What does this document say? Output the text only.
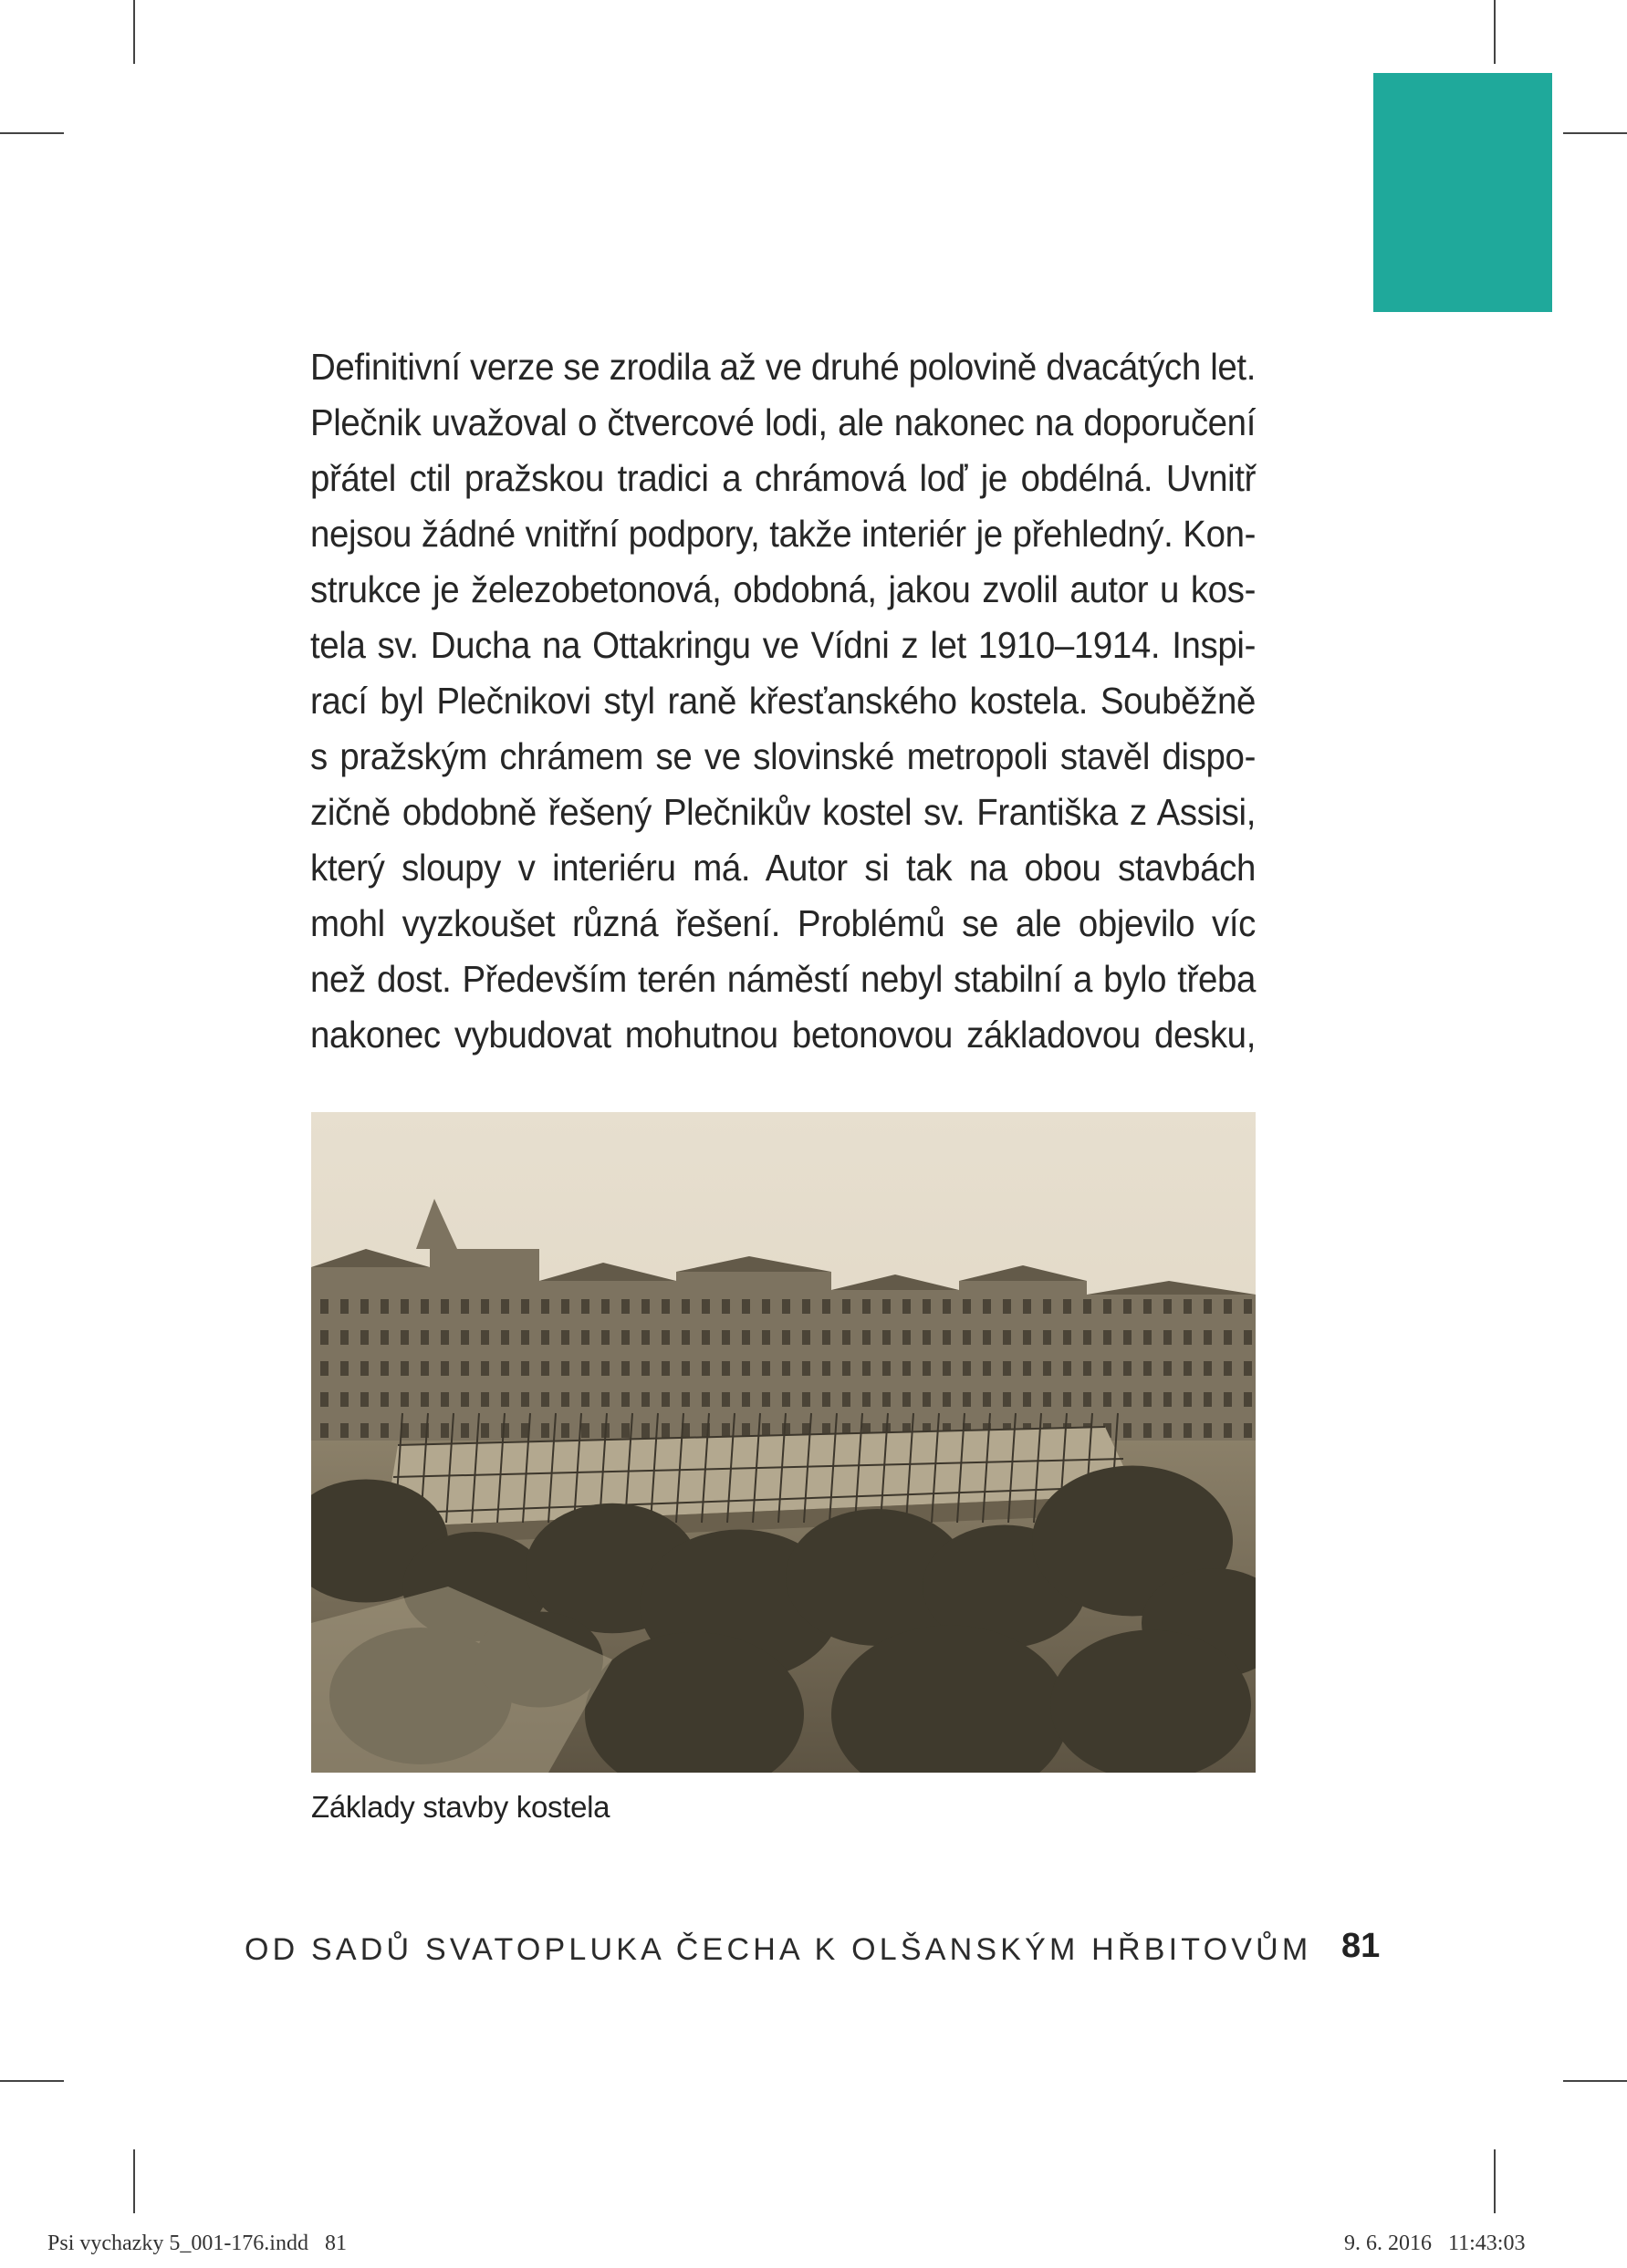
Definitivní verze se zrodila až ve druhé polovině dvacátých let.
Plečnik uvažoval o čtvercové lodi, ale nakonec na doporučení
přátel ctil pražskou tradici a chrámová loď je obdélná. Uvnitř
nejsou žádné vnitřní podpory, takže interiér je přehledný. Kon-
strukce je železobetonová, obdobná, jakou zvolil autor u kos-
tela sv. Ducha na Ottakringu ve Vídni z let 1910–1914. Inspi-
rací byl Plečnikovi styl raně křesťanského kostela. Souběžně
s pražským chrámem se ve slovinské metropoli stavěl dispo-
zičně obdobně řešený Plečnikův kostel sv. Františka z Assisi,
který sloupy v interiéru má. Autor si tak na obou stavbách
mohl vyzkoušet různá řešení. Problémů se ale objevilo víc
než dost. Především terén náměstí nebyl stabilní a bylo třeba
nakonec vybudovat mohutnou betonovou základovou desku,

Základy stavby kostela
OD SADŮ SVATOPLUKA ČECHA K OLŠANSKÝM HŘBITOVŮM 81
Psi vychazky 5_001-176.indd   81	9. 6. 2016   11:43:03
